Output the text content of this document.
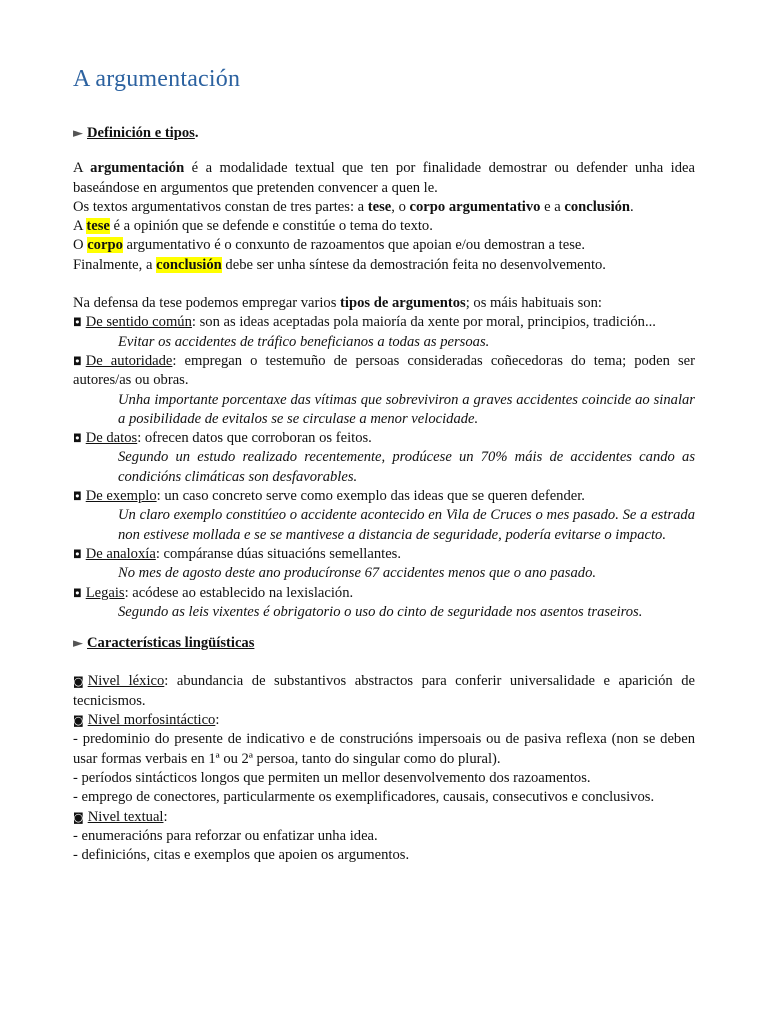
A argumentación

► Definición e tipos.

A argumentación é a modalidade textual que ten por finalidade demostrar ou defender unha idea baseándose en argumentos que pretenden convencer a quen le.

Os textos argumentativos constan de tres partes: a tese, o corpo argumentativo e a conclusión.

A tese é a opinión que se defende e constitúe o tema do texto.

O corpo argumentativo é o conxunto de razoamentos que apoian e/ou demostran a tese.

Finalmente, a conclusión debe ser unha síntese da demostración feita no desenvolvemento.

Na defensa da tese podemos empregar varios tipos de argumentos; os máis habituais son:

◘ De sentido común: son as ideas aceptadas pola maioría da xente por moral, principios, tradición...

Evitar os accidentes de tráfico beneficianos a todas as persoas.

◘ De autoridade: empregan o testemuño de persoas consideradas coñecedoras do tema; poden ser autores/as ou obras.

Unha importante porcentaxe das vítimas que sobreviviron a graves accidentes coincide ao sinalar a posibilidade de evitalos se se circulase a menor velocidade.

◘ De datos: ofrecen datos que corroboran os feitos.

Segundo un estudo realizado recentemente, prodúcese un 70% máis de accidentes cando as condicións climáticas son desfavorables.

◘ De exemplo: un caso concreto serve como exemplo das ideas que se queren defender.

Un claro exemplo constitúeo o accidente acontecido en Vila de Cruces o mes pasado. Se a estrada non estivese mollada e se se mantivese a distancia de seguridade, podería evitarse o impacto.

◘ De analoxía: compáranse dúas situacións semellantes.

No mes de agosto deste ano producíronse 67 accidentes menos que o ano pasado.

◘ Legais: acódese ao establecido na lexislación.

Segundo as leis vixentes é obrigatorio o uso do cinto de seguridade nos asentos traseiros.

► Características lingüísticas

◙ Nivel léxico: abundancia de substantivos abstractos para conferir universalidade e aparición de tecnicismos.

◙ Nivel morfosintáctico:

- predominio do presente de indicativo e de construcións impersoais ou de pasiva reflexa (non se deben usar formas verbais en 1ª ou 2ª persoa, tanto do singular como do plural).

- períodos sintácticos longos que permiten un mellor desenvolvemento dos razoamentos.

- emprego de conectores, particularmente os exemplificadores, causais, consecutivos e conclusivos.

◙ Nivel textual:

- enumeracións para reforzar ou enfatizar unha idea.

- definicións, citas e exemplos que apoien os argumentos.
